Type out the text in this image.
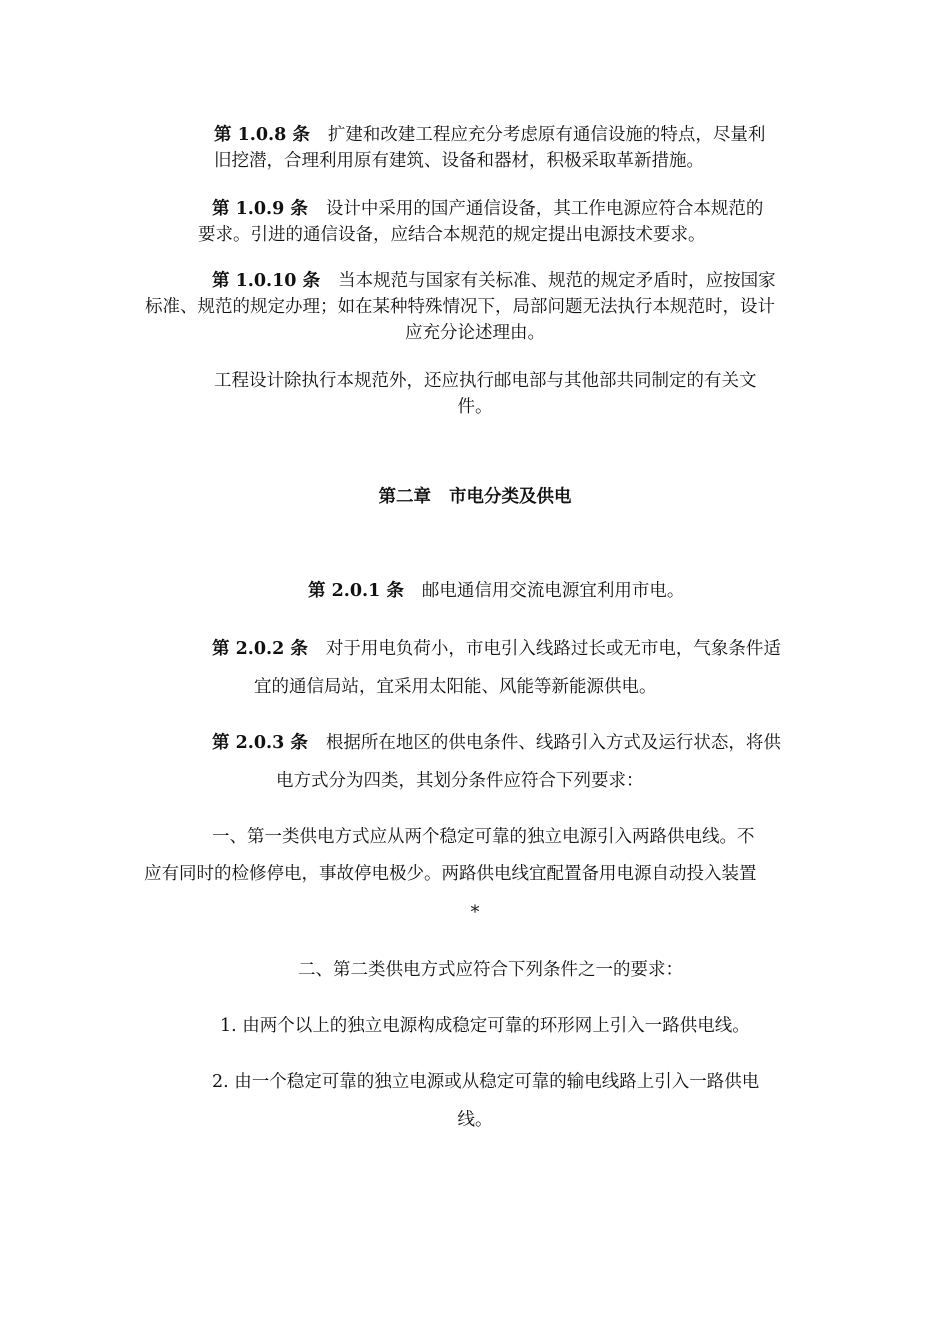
第 1.0.8 条 扩建和改建工程应充分考虑原有通信设施的特点，尽量利
旧挖潜，合理利用原有建筑、设备和器材，积极采取革新措施。
第 1.0.9 条 设计中采用的国产通信设备，其工作电源应符合本规范的
要求。引进的通信设备，应结合本规范的规定提出电源技术要求。
第 1.0.10 条 当本规范与国家有关标准、规范的规定矛盾时，应按国家
标准、规范的规定办理；如在某种特殊情况下，局部问题无法执行本规范时，设计
应充分论述理由。
工程设计除执行本规范外，还应执行邮电部与其他部共同制定的有关文
件。
第二章 市电分类及供电
第 2.0.1 条 邮电通信用交流电源宜利用市电。
第 2.0.2 条 对于用电负荷小，市电引入线路过长或无市电，气象条件适
宜的通信局站，宜采用太阳能、风能等新能源供电。
第 2.0.3 条 根据所在地区的供电条件、线路引入方式及运行状态，将供
电方式分为四类，其划分条件应符合下列要求：
一、第一类供电方式应从两个稳定可靠的独立电源引入两路供电线。不
应有同时的检修停电，事故停电极少。两路供电线宜配置备用电源自动投入装置
*
二、第二类供电方式应符合下列条件之一的要求：
1. 由两个以上的独立电源构成稳定可靠的环形网上引入一路供电线。
2. 由一个稳定可靠的独立电源或从稳定可靠的输电线路上引入一路供电
线。
